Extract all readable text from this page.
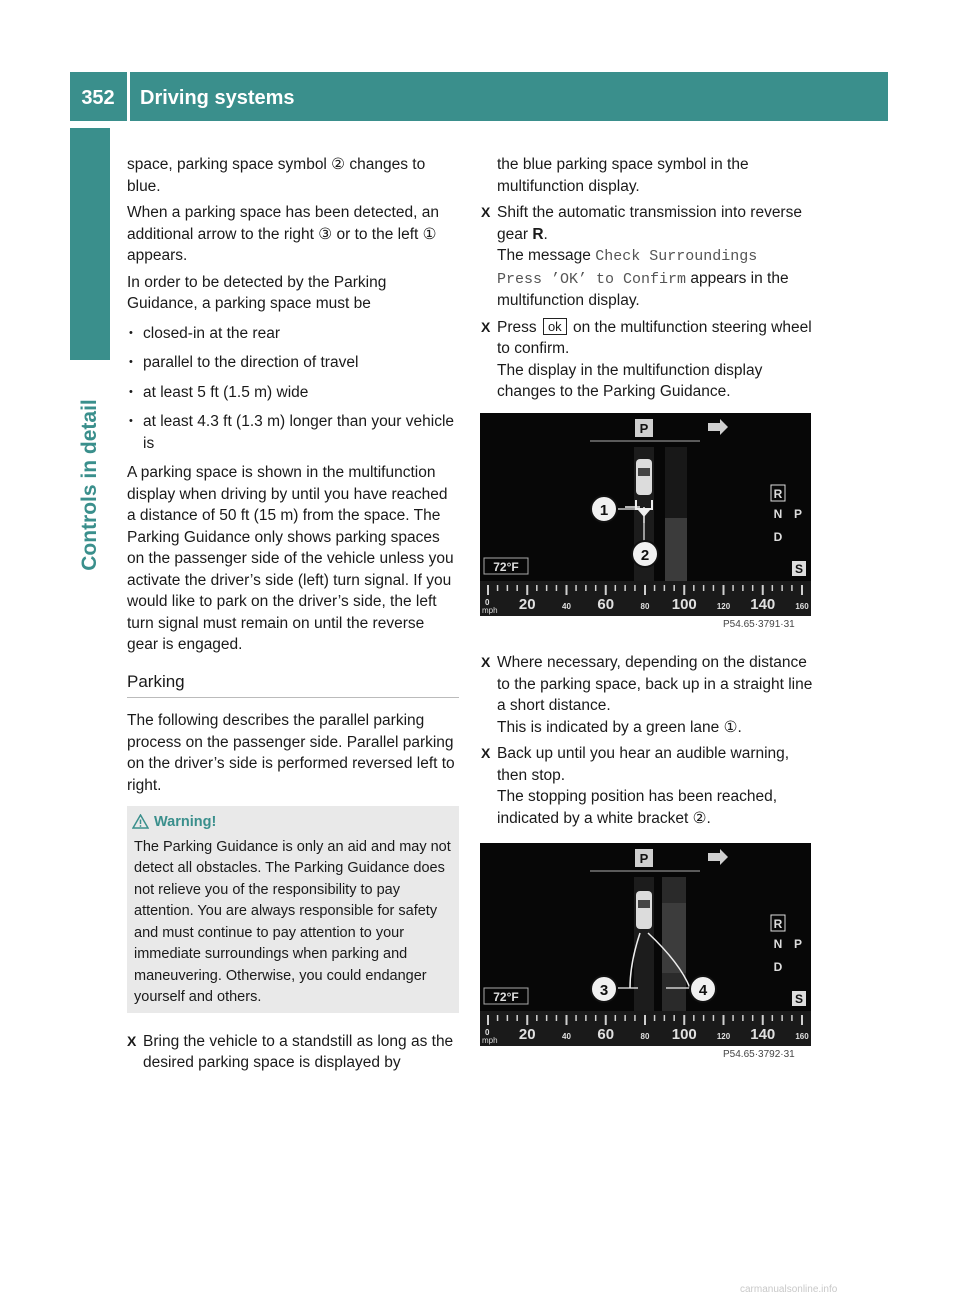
352	Driving systems
Controls in detail

space, parking space symbol ② changes to blue.

When a parking space has been detected, an additional arrow to the right ③ or to the left ① appears.

In order to be detected by the Parking Guidance, a parking space must be

• closed-in at the rear
• parallel to the direction of travel
• at least 5 ft (1.5 m) wide
• at least 4.3 ft (1.3 m) longer than your vehicle is

A parking space is shown in the multifunction display when driving by until you have reached a distance of 50 ft (15 m) from the space. The Parking Guidance only shows parking spaces on the passenger side of the vehicle unless you activate the driver’s side (left) turn signal. If you would like to park on the driver’s side, the left turn signal must remain on until the reverse gear is engaged.

Parking

The following describes the parallel parking process on the passenger side. Parallel parking on the driver’s side is performed reversed left to right.

Warning!
The Parking Guidance is only an aid and may not detect all obstacles. The Parking Guidance does not relieve you of the responsibility to pay attention. You are always responsible for safety and must continue to pay attention to your immediate surroundings when parking and maneuvering. Otherwise, you could endanger yourself and others.
X Bring the vehicle to a standstill as long as the desired parking space is displayed by

the blue parking space symbol in the multifunction display.

X Shift the automatic transmission into reverse gear R.
The message Check Surroundings
Press ’OK’ to Confirm appears in the multifunction display.
X Press ok on the multifunction steering wheel to confirm.
The display in the multifunction display changes to the Parking Guidance.
P
1
2
R
N P
D
S
72°F
0 20	40 60	80 100	120 140	160
mph
P54.65·3791·31
X Where necessary, depending on the distance to the parking space, back up in a straight line a short distance.
This is indicated by a green lane ①.
X Back up until you hear an audible warning, then stop.
The stopping position has been reached, indicated by a white bracket ②.
P
3	4
R
N P
D
S
72°F
0 20	40 60	80 100	120 140	160
mph
P54.65·3792·31
carmanualsonline.info
